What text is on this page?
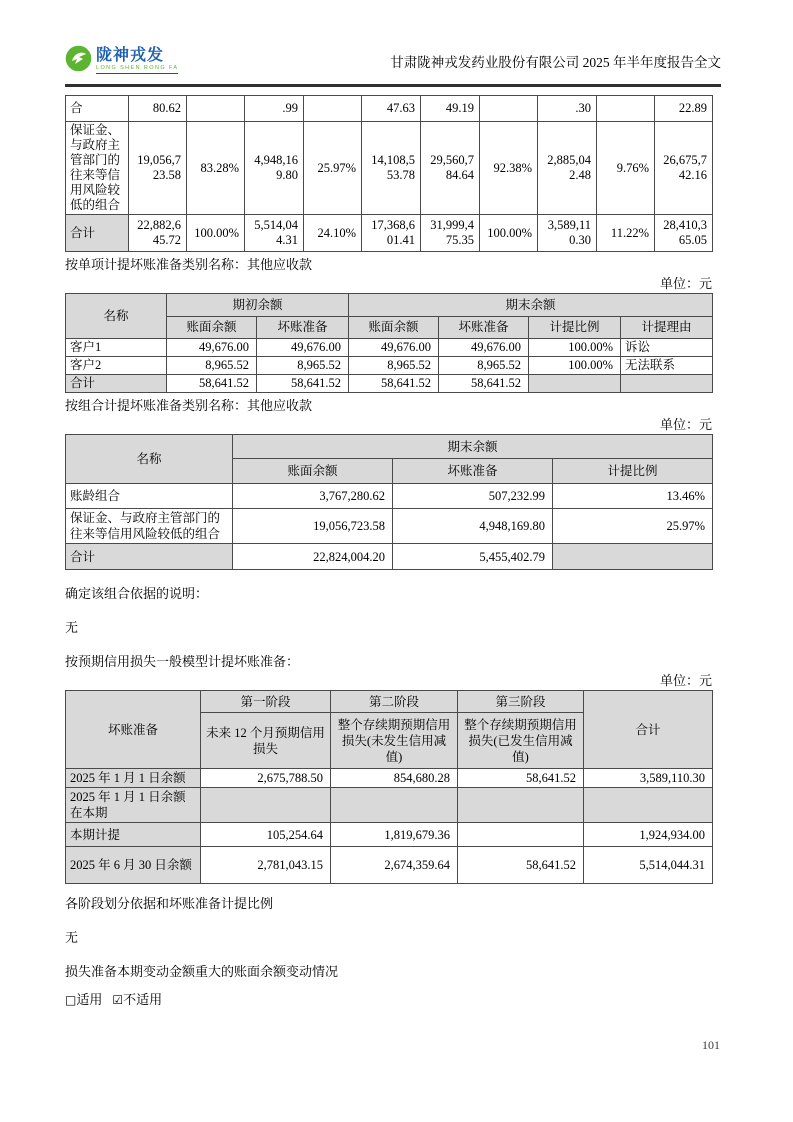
陇神戎发
LONG SHEN RONG FA	甘肃陇神戎发药业股份有限公司 2025 年半年度报告全文
合	80.62		.99		47.63	49.19		.30		22.89
保证金、与政府主管部门的往来等信用风险较低的组合	19,056,723.58	83.28%	4,948,169.80	25.97%	14,108,553.78	29,560,784.64	92.38%	2,885,042.48	9.76%	26,675,742.16
合计	22,882,645.72	100.00%	5,514,044.31	24.10%	17,368,601.41	31,999,475.35	100.00%	3,589,110.30	11.22%	28,410,365.05
按单项计提坏账准备类别名称：其他应收款
单位：元
名称	期初余额		期末余额			
	账面余额	坏账准备	账面余额	坏账准备	计提比例	计提理由
客户1	49,676.00	49,676.00	49,676.00	49,676.00	100.00%	诉讼
客户2	8,965.52	8,965.52	8,965.52	8,965.52	100.00%	无法联系
合计	58,641.52	58,641.52	58,641.52	58,641.52		
按组合计提坏账准备类别名称：其他应收款
单位：元
名称	期末余额		
	账面余额	坏账准备	计提比例
账龄组合	3,767,280.62	507,232.99	13.46%
保证金、与政府主管部门的往来等信用风险较低的组合	19,056,723.58	4,948,169.80	25.97%
合计	22,824,004.20	5,455,402.79	
确定该组合依据的说明：
无
按预期信用损失一般模型计提坏账准备：
单位：元
坏账准备	第一阶段	第二阶段	第三阶段	合计
	未来 12 个月预期信用损失	整个存续期预期信用损失(未发生信用减值)	整个存续期预期信用损失(已发生信用减值)	
2025 年 1 月 1 日余额	2,675,788.50	854,680.28	58,641.52	3,589,110.30
2025 年 1 月 1 日余额在本期				
本期计提	105,254.64	1,819,679.36		1,924,934.00
2025 年 6 月 30 日余额	2,781,043.15	2,674,359.64	58,641.52	5,514,044.31
各阶段划分依据和坏账准备计提比例
无
损失准备本期变动金额重大的账面余额变动情况
□适用 ☑不适用
101
